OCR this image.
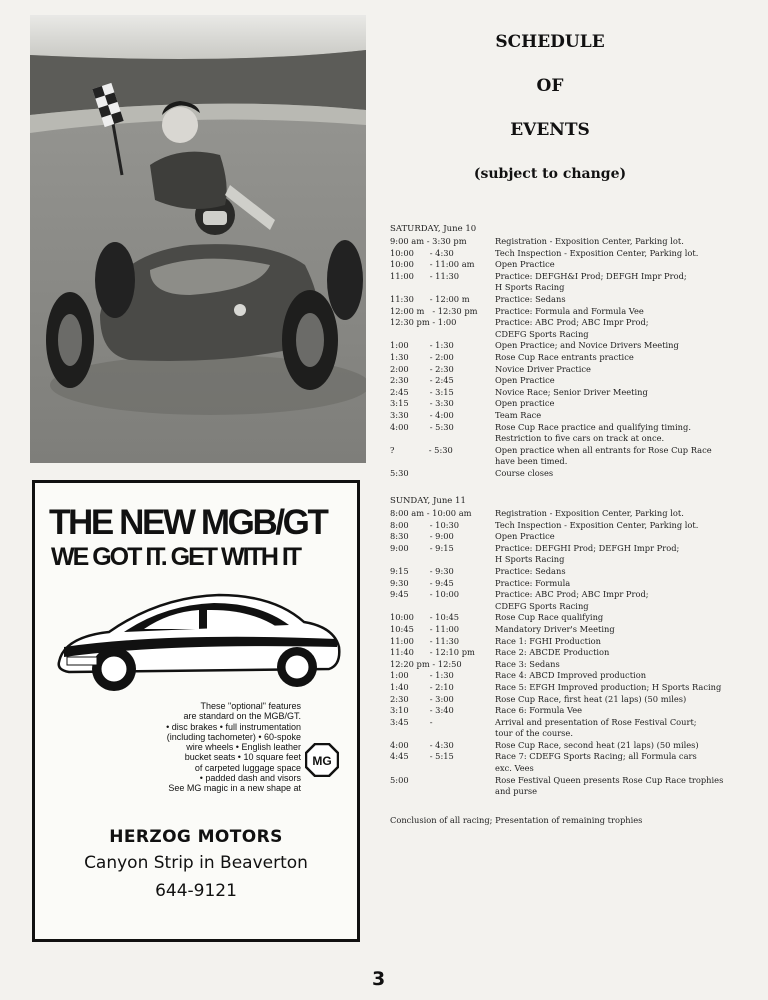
THE NEW MGB/GT
WE GOT IT. GET WITH IT
These "optional" features
are standard on the MGB/GT.
• disc brakes • full instrumentation
(including tachometer) • 60-spoke
wire wheels • English leather
bucket seats • 10 square feet
of carpeted luggage space
• padded dash and visors
See MG magic in a new shape at
MG
HERZOG MOTORS
Canyon Strip in Beaverton
644-9121
SCHEDULE
OF
EVENTS
(subject to change)
SATURDAY, June 10
9:00 am - 3:30 pm	Registration - Exposition Center, Parking lot.
10:00      - 4:30	Tech Inspection - Exposition Center, Parking lot.
10:00      - 11:00 am	Open Practice
11:00      - 11:30	Practice: DEFGH&I Prod; DEFGH Impr Prod;
H Sports Racing
11:30      - 12:00 m	Practice: Sedans
12:00 m   - 12:30 pm	Practice: Formula and Formula Vee
12:30 pm - 1:00	Practice: ABC Prod; ABC Impr Prod;
CDEFG Sports Racing
1:00        - 1:30	Open Practice; and Novice Drivers Meeting
1:30        - 2:00	Rose Cup Race entrants practice
2:00        - 2:30	Novice Driver Practice
2:30        - 2:45	Open Practice
2:45        - 3:15	Novice Race; Senior Driver Meeting
3:15        - 3:30	Open practice
3:30        - 4:00	Team Race
4:00        - 5:30	Rose Cup Race practice and qualifying timing.
Restriction to five cars on track at once.
?             - 5:30	Open practice when all entrants for Rose Cup Race
have been timed.
5:30	Course closes
SUNDAY, June 11
8:00 am - 10:00 am	Registration - Exposition Center, Parking lot.
8:00        - 10:30	Tech Inspection - Exposition Center, Parking lot.
8:30        - 9:00	Open Practice
9:00        - 9:15	Practice: DEFGHI Prod; DEFGH Impr Prod;
H Sports Racing
9:15        - 9:30	Practice: Sedans
9:30        - 9:45	Practice: Formula
9:45        - 10:00	Practice: ABC Prod; ABC Impr Prod;
CDEFG Sports Racing
10:00      - 10:45	Rose Cup Race qualifying
10:45      - 11:00	Mandatory Driver's Meeting
11:00      - 11:30	Race 1: FGHI Production
11:40      - 12:10 pm	Race 2: ABCDE Production
12:20 pm - 12:50	Race 3: Sedans
1:00        - 1:30	Race 4: ABCD Improved production
1:40        - 2:10	Race 5: EFGH Improved production; H Sports Racing
2:30        - 3:00	Rose Cup Race, first heat (21 laps) (50 miles)
3:10        - 3:40	Race 6: Formula Vee
3:45        -	Arrival and presentation of Rose Festival Court;
tour of the course.
4:00        - 4:30	Rose Cup Race, second heat (21 laps) (50 miles)
4:45        - 5:15	Race 7: CDEFG Sports Racing; all Formula cars
exc. Vees
5:00	Rose Festival Queen presents Rose Cup Race trophies
and purse
Conclusion of all racing; Presentation of remaining trophies
3
